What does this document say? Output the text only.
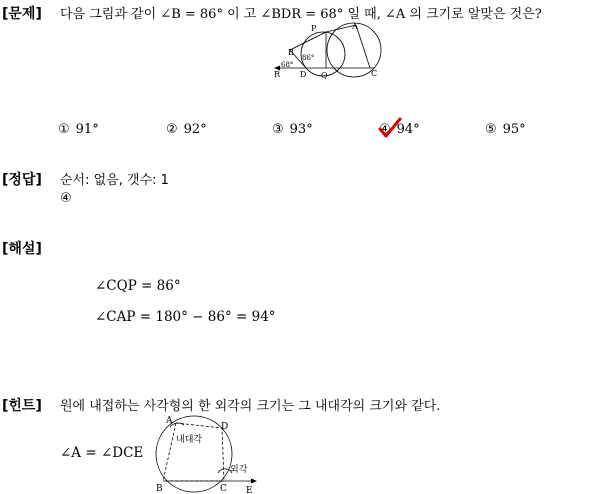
[문제] 다음 그림과 같이 ∠B = 86° 이 고 ∠BDR = 68° 일 때, ∠A 의 크기로 알맞은 것은?
P	A
B
C
D Q
R
86°
68°
① 91°	② 92°	③ 93°	④ 94°	⑤ 95°
[정답] 순서: 없음, 갯수: 1
④
[해설]
∠CQP = 86°
∠CAP = 180° − 86° = 94°
[힌트] 원에 내접하는 사각형의 한 외각의 크기는 그 내대각의 크기와 같다.
∠A = ∠DCE
A
D
B	C E
내대각
외각
